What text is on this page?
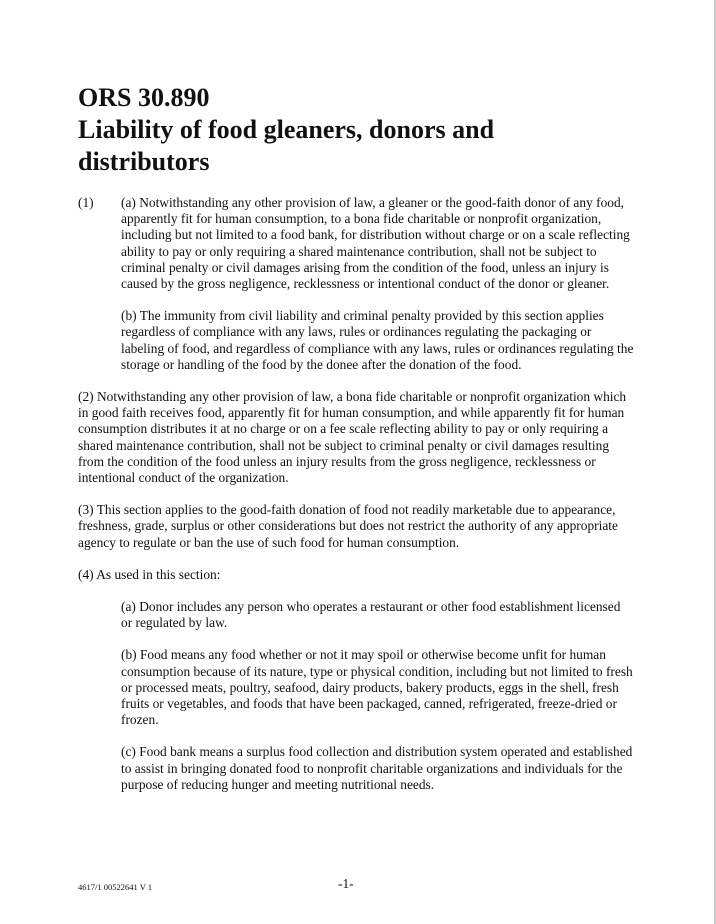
ORS 30.890
Liability of food gleaners, donors and
distributors
(1)	(a) Notwithstanding any other provision of law, a gleaner or the good-faith donor of any food, apparently fit for human consumption, to a bona fide charitable or nonprofit organization, including but not limited to a food bank, for distribution without charge or on a scale reflecting ability to pay or only requiring a shared maintenance contribution, shall not be subject to criminal penalty or civil damages arising from the condition of the food, unless an injury is caused by the gross negligence, recklessness or intentional conduct of the donor or gleaner.

(b) The immunity from civil liability and criminal penalty provided by this section applies regardless of compliance with any laws, rules or ordinances regulating the packaging or labeling of food, and regardless of compliance with any laws, rules or ordinances regulating the storage or handling of the food by the donee after the donation of the food.

(2) Notwithstanding any other provision of law, a bona fide charitable or nonprofit organization which in good faith receives food, apparently fit for human consumption, and while apparently fit for human consumption distributes it at no charge or on a fee scale reflecting ability to pay or only requiring a shared maintenance contribution, shall not be subject to criminal penalty or civil damages resulting from the condition of the food unless an injury results from the gross negligence, recklessness or intentional conduct of the organization.

(3) This section applies to the good-faith donation of food not readily marketable due to appearance, freshness, grade, surplus or other considerations but does not restrict the authority of any appropriate agency to regulate or ban the use of such food for human consumption.

(4) As used in this section:

(a) Donor includes any person who operates a restaurant or other food establishment licensed or regulated by law.

(b) Food means any food whether or not it may spoil or otherwise become unfit for human consumption because of its nature, type or physical condition, including but not limited to fresh or processed meats, poultry, seafood, dairy products, bakery products, eggs in the shell, fresh fruits or vegetables, and foods that have been packaged, canned, refrigerated, freeze-dried or frozen.

(c) Food bank means a surplus food collection and distribution system operated and established to assist in bringing donated food to nonprofit charitable organizations and individuals for the purpose of reducing hunger and meeting nutritional needs.

4617/1 00522641 V 1	-1-
